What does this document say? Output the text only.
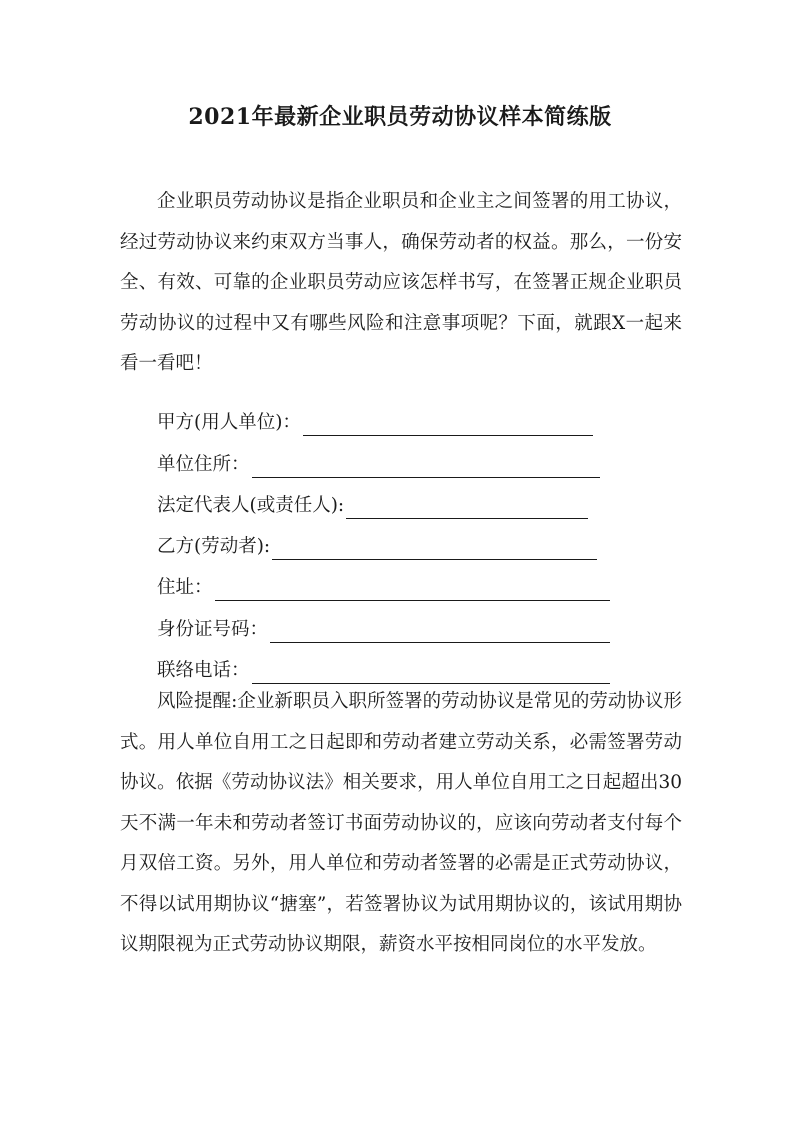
2021年最新企业职员劳动协议样本简练版

企业职员劳动协议是指企业职员和企业主之间签署的用工协议，经过劳动协议来约束双方当事人，确保劳动者的权益。那么，一份安全、有效、可靠的企业职员劳动应该怎样书写，在签署正规企业职员劳动协议的过程中又有哪些风险和注意事项呢？下面，就跟X一起来看一看吧！

甲方(用人单位)：
单位住所：
法定代表人(或责任人):
乙方(劳动者):
住址：
身份证号码：
联络电话：

风险提醒:企业新职员入职所签署的劳动协议是常见的劳动协议形式。用人单位自用工之日起即和劳动者建立劳动关系，必需签署劳动协议。依据《劳动协议法》相关要求，用人单位自用工之日起超出30天不满一年未和劳动者签订书面劳动协议的，应该向劳动者支付每个月双倍工资。另外，用人单位和劳动者签署的必需是正式劳动协议，不得以试用期协议“搪塞”，若签署协议为试用期协议的，该试用期协议期限视为正式劳动协议期限，薪资水平按相同岗位的水平发放。
